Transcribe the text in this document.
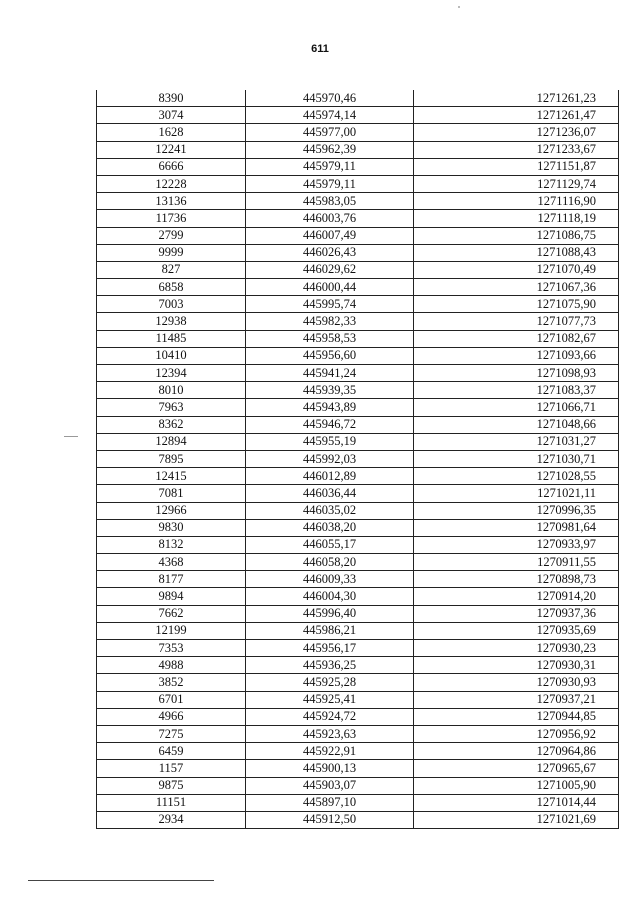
611
8390	445970,46	1271261,23
3074	445974,14	1271261,47
1628	445977,00	1271236,07
12241	445962,39	1271233,67
6666	445979,11	1271151,87
12228	445979,11	1271129,74
13136	445983,05	1271116,90
11736	446003,76	1271118,19
2799	446007,49	1271086,75
9999	446026,43	1271088,43
827	446029,62	1271070,49
6858	446000,44	1271067,36
7003	445995,74	1271075,90
12938	445982,33	1271077,73
11485	445958,53	1271082,67
10410	445956,60	1271093,66
12394	445941,24	1271098,93
8010	445939,35	1271083,37
7963	445943,89	1271066,71
8362	445946,72	1271048,66
12894	445955,19	1271031,27
7895	445992,03	1271030,71
12415	446012,89	1271028,55
7081	446036,44	1271021,11
12966	446035,02	1270996,35
9830	446038,20	1270981,64
8132	446055,17	1270933,97
4368	446058,20	1270911,55
8177	446009,33	1270898,73
9894	446004,30	1270914,20
7662	445996,40	1270937,36
12199	445986,21	1270935,69
7353	445956,17	1270930,23
4988	445936,25	1270930,31
3852	445925,28	1270930,93
6701	445925,41	1270937,21
4966	445924,72	1270944,85
7275	445923,63	1270956,92
6459	445922,91	1270964,86
1157	445900,13	1270965,67
9875	445903,07	1271005,90
11151	445897,10	1271014,44
2934	445912,50	1271021,69
